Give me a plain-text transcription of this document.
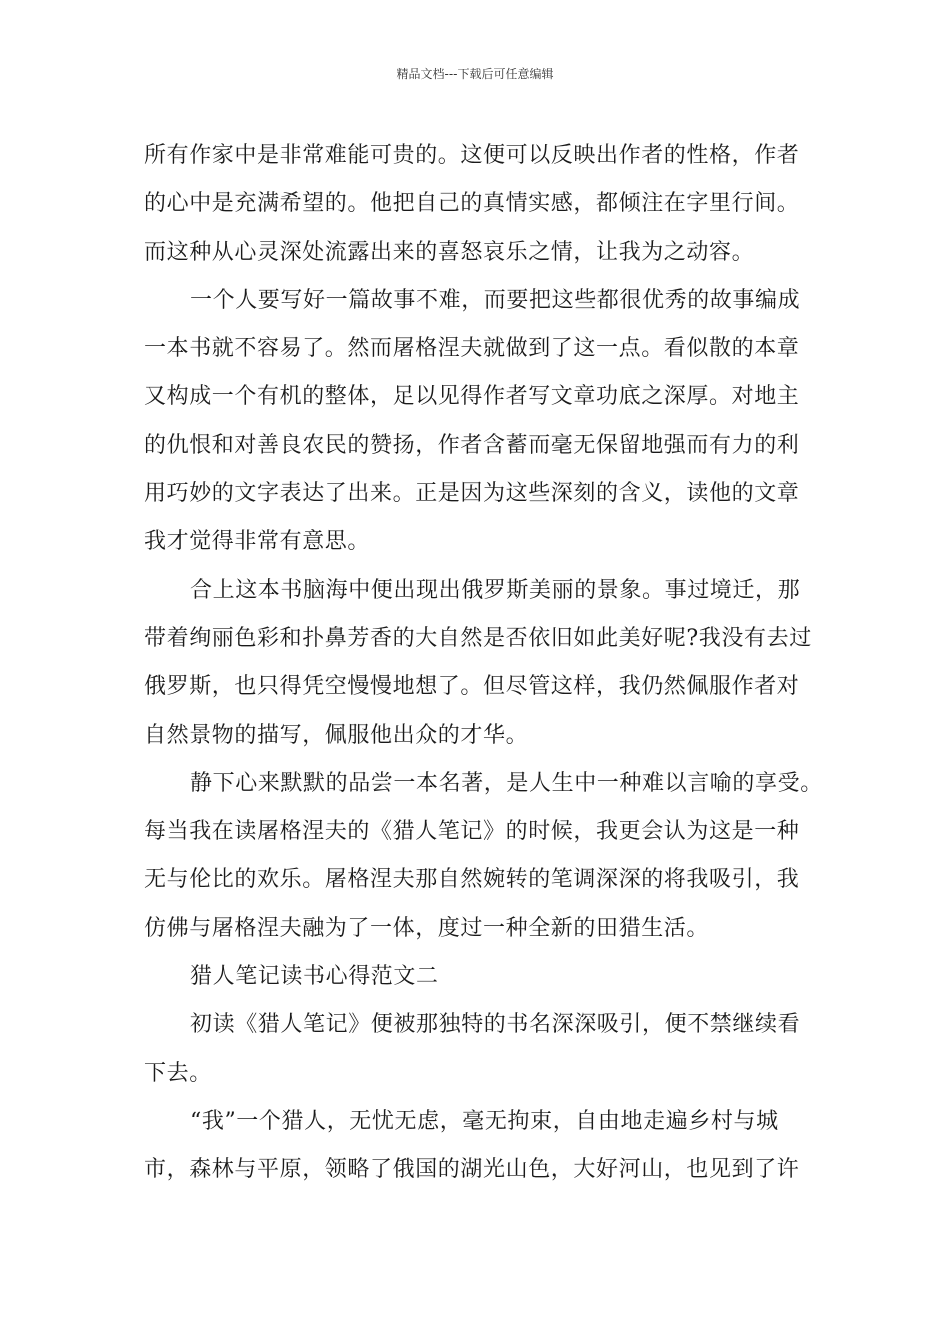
精品文档---下载后可任意编辑
所有作家中是非常难能可贵的。这便可以反映出作者的性格，作者
的心中是充满希望的。他把自己的真情实感，都倾注在字里行间。
而这种从心灵深处流露出来的喜怒哀乐之情，让我为之动容。
一个人要写好一篇故事不难，而要把这些都很优秀的故事编成
一本书就不容易了。然而屠格涅夫就做到了这一点。看似散的本章
又构成一个有机的整体，足以见得作者写文章功底之深厚。对地主
的仇恨和对善良农民的赞扬，作者含蓄而毫无保留地强而有力的利
用巧妙的文字表达了出来。正是因为这些深刻的含义，读他的文章
我才觉得非常有意思。
合上这本书脑海中便出现出俄罗斯美丽的景象。事过境迁，那
带着绚丽色彩和扑鼻芳香的大自然是否依旧如此美好呢?我没有去过
俄罗斯，也只得凭空慢慢地想了。但尽管这样，我仍然佩服作者对
自然景物的描写，佩服他出众的才华。
静下心来默默的品尝一本名著，是人生中一种难以言喻的享受。
每当我在读屠格涅夫的《猎人笔记》的时候，我更会认为这是一种
无与伦比的欢乐。屠格涅夫那自然婉转的笔调深深的将我吸引，我
仿佛与屠格涅夫融为了一体，度过一种全新的田猎生活。
猎人笔记读书心得范文二
初读《猎人笔记》便被那独特的书名深深吸引，便不禁继续看
下去。
“我”一个猎人，无忧无虑，毫无拘束，自由地走遍乡村与城
市，森林与平原，领略了俄国的湖光山色，大好河山，也见到了许
